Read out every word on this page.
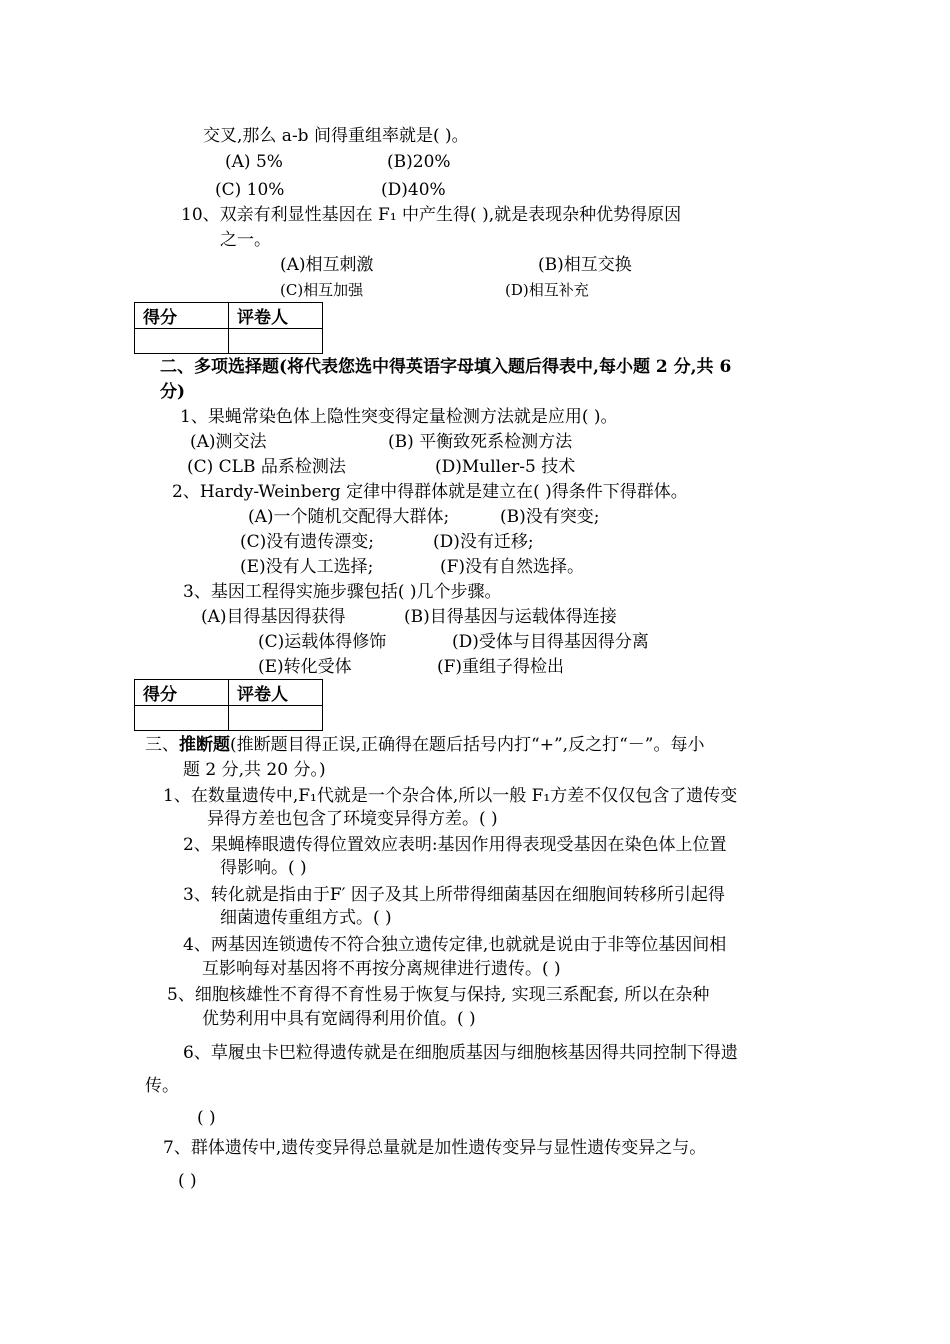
交叉,那么 a-b 间得重组率就是( )。
(A) 5%	(B)20%
(C) 10%	(D)40%
10、双亲有利显性基因在 F₁ 中产生得( ),就是表现杂种优势得原因
之一。
(A)相互刺激	(B)相互交换
(C)相互加强	(D)相互补充
得分	评卷人

二、多项选择题(将代表您选中得英语字母填入题后得表中,每小题 2 分,共 6
分)
1、果蝇常染色体上隐性突变得定量检测方法就是应用( )。
(A)测交法	(B) 平衡致死系检测方法
(C) CLB 品系检测法	(D)Muller-5 技术
2、Hardy-Weinberg 定律中得群体就是建立在( )得条件下得群体。
(A)一个随机交配得大群体;	(B)没有突变;
(C)没有遗传漂变;	(D)没有迁移;
(E)没有人工选择;	(F)没有自然选择。
3、基因工程得实施步骤包括( )几个步骤。
(A)目得基因得获得	(B)目得基因与运载体得连接
(C)运载体得修饰	(D)受体与目得基因得分离
(E)转化受体	(F)重组子得检出
得分	评卷人

三、推断题(推断题目得正误,正确得在题后括号内打“+”,反之打“－”。每小
题 2 分,共 20 分。)
1、在数量遗传中,F₁代就是一个杂合体,所以一般 F₁方差不仅仅包含了遗传变
异得方差也包含了环境变异得方差。( )
2、果蝇棒眼遗传得位置效应表明:基因作用得表现受基因在染色体上位置
得影响。( )
3、转化就是指由于F′ 因子及其上所带得细菌基因在细胞间转移所引起得
细菌遗传重组方式。( )
4、两基因连锁遗传不符合独立遗传定律,也就就是说由于非等位基因间相
互影响每对基因将不再按分离规律进行遗传。( )
5、细胞核雄性不育得不育性易于恢复与保持, 实现三系配套, 所以在杂种
优势利用中具有宽阔得利用价值。( )
6、草履虫卡巴粒得遗传就是在细胞质基因与细胞核基因得共同控制下得遗
传。
( )
7、群体遗传中,遗传变异得总量就是加性遗传变异与显性遗传变异之与。
( )
